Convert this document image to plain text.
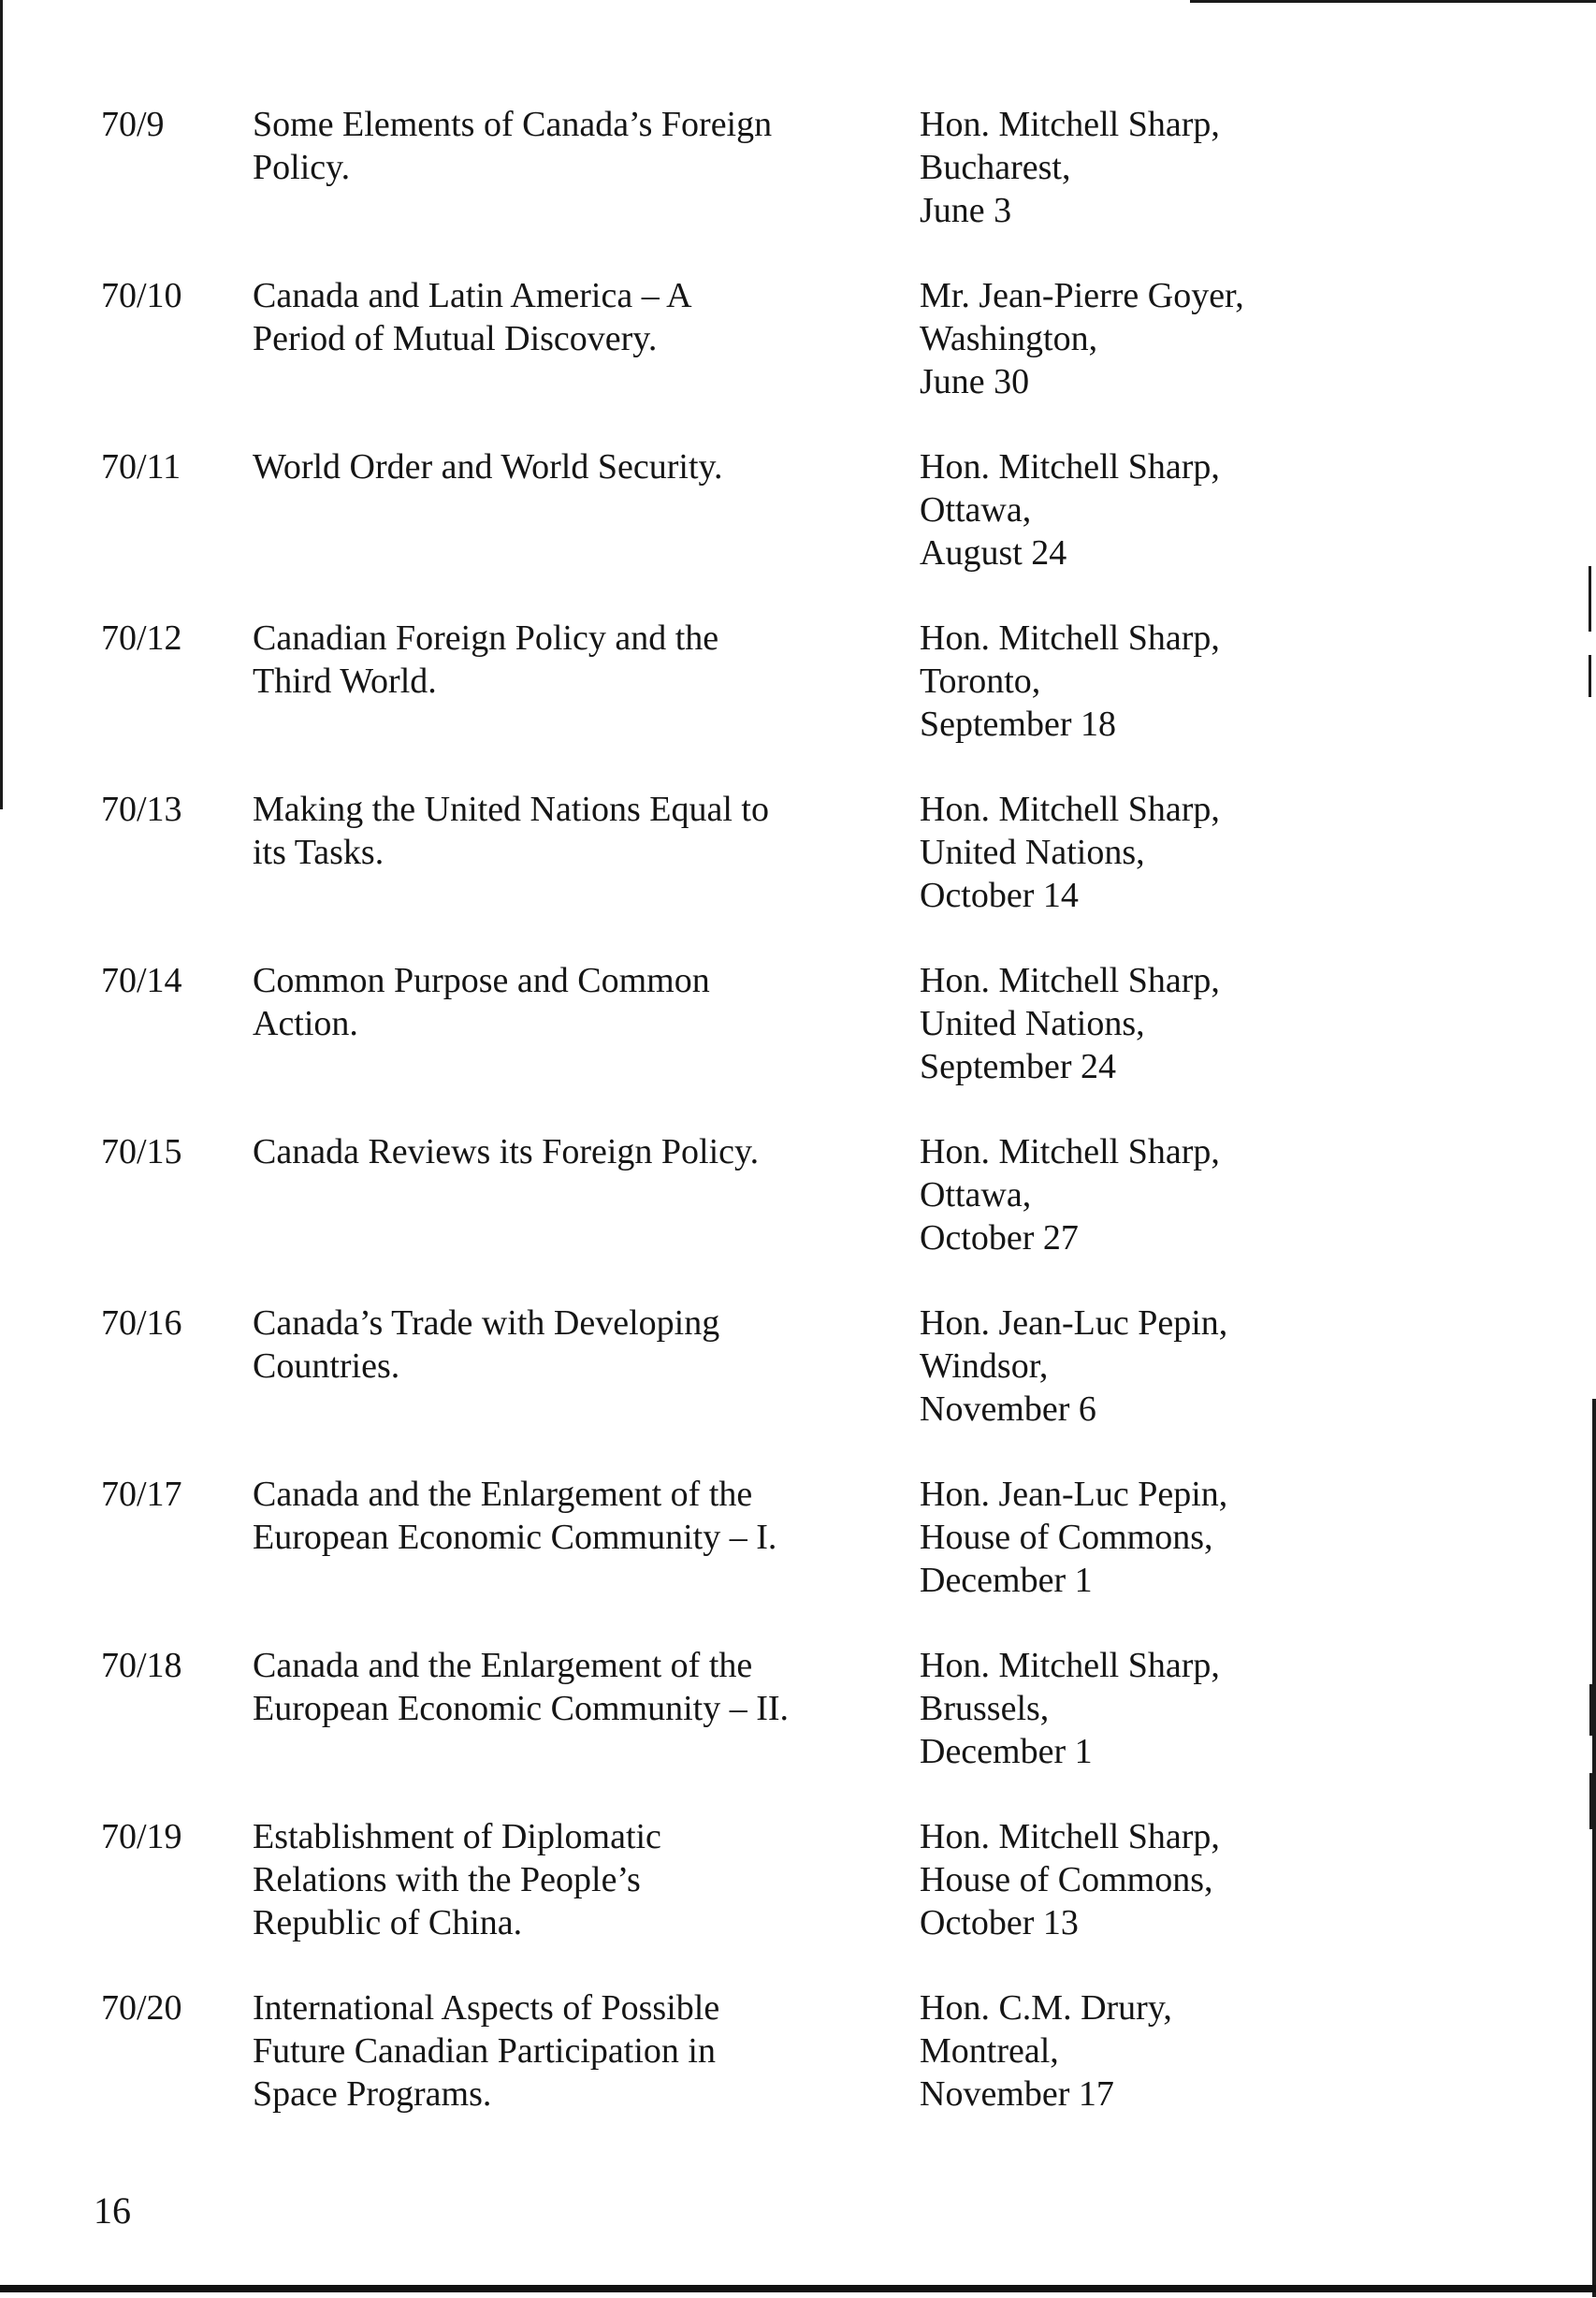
70/9 Some Elements of Canada’s Foreign
Policy.
Hon. Mitchell Sharp,
Bucharest,
June 3
70/10 Canada and Latin America – A
Period of Mutual Discovery.
Mr. Jean-Pierre Goyer,
Washington,
June 30
70/11 World Order and World Security.	Hon. Mitchell Sharp,
Ottawa,
August 24
70/12 Canadian Foreign Policy and the
Third World.
Hon. Mitchell Sharp,
Toronto,
September 18
70/13 Making the United Nations Equal to
its Tasks.
Hon. Mitchell Sharp,
United Nations,
October 14
70/14 Common Purpose and Common
Action.
Hon. Mitchell Sharp,
United Nations,
September 24
70/15 Canada Reviews its Foreign Policy.	Hon. Mitchell Sharp,
Ottawa,
October 27
70/16 Canada’s Trade with Developing
Countries.
Hon. Jean-Luc Pepin,
Windsor,
November 6
70/17 Canada and the Enlargement of the
European Economic Community – I.
Hon. Jean-Luc Pepin,
House of Commons,
December 1
70/18 Canada and the Enlargement of the
European Economic Community – II.
Hon. Mitchell Sharp,
Brussels,
December 1
70/19 Establishment of Diplomatic
Relations with the People’s
Republic of China.
Hon. Mitchell Sharp,
House of Commons,
October 13
70/20 International Aspects of Possible
Future Canadian Participation in
Space Programs.
Hon. C.M. Drury,
Montreal,
November 17
16
